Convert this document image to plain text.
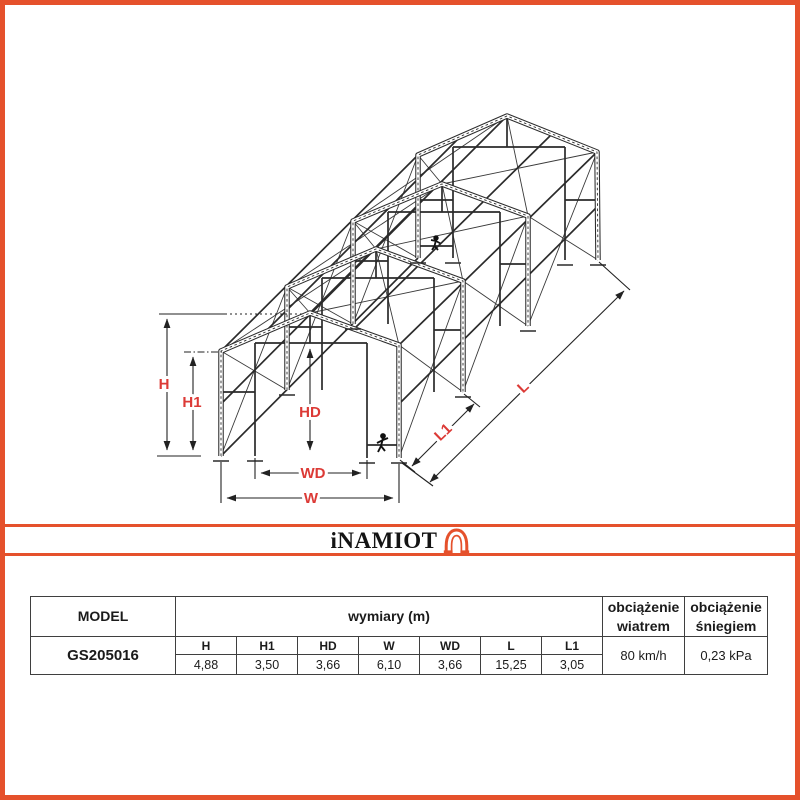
H
H1
HD
WD
W
L1
L
iNAMIOT
MODEL	wymiary (m)							obciążenie wiatrem	obciążenie śniegiem
GS205016	H	H1	HD	W	WD	L	L1	80 km/h	0,23 kPa
	4,88	3,50	3,66	6,10	3,66	15,25	3,05		
